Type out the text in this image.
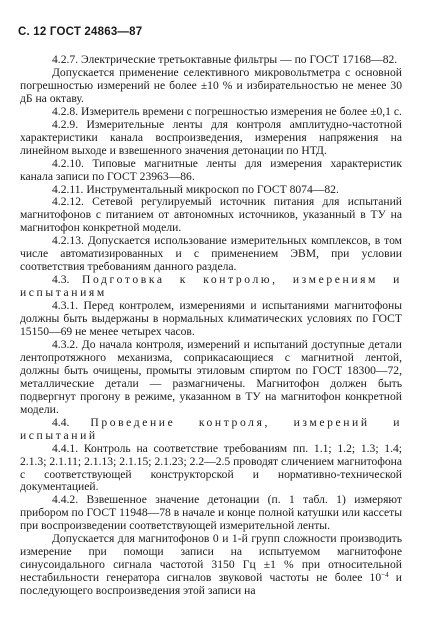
С. 12 ГОСТ 24863—87

4.2.7. Электрические третьоктавные фильтры — по ГОСТ 17168—82.

Допускается применение селективного микровольтметра с основной погрешностью измерений не более ±10 % и избирательностью не менее 30 дБ на октаву.

4.2.8. Измеритель времени с погрешностью измерения не более ±0,1 с.

4.2.9. Измерительные ленты для контроля амплитудно-частотной характеристики канала воспроизведения, измерения напряжения на линейном выходе и взвешенного значения детонации по НТД.

4.2.10. Типовые магнитные ленты для измерения характеристик канала записи по ГОСТ 23963—86.

4.2.11. Инструментальный микроскоп по ГОСТ 8074—82.

4.2.12. Сетевой регулируемый источник питания для испытаний магнитофонов с питанием от автономных источников, указанный в ТУ на магнитофон конкретной модели.

4.2.13. Допускается использование измерительных комплексов, в том числе автоматизированных и с применением ЭВМ, при условии соответствия требованиям данного раздела.

4.3. Подготовка к контролю, измерениям и испытаниям

4.3.1. Перед контролем, измерениями и испытаниями магнитофоны должны быть выдержаны в нормальных климатических условиях по ГОСТ 15150—69 не менее четырех часов.

4.3.2. До начала контроля, измерений и испытаний доступные детали лентопротяжного механизма, соприкасающиеся с магнитной лентой, должны быть очищены, промыты этиловым спиртом по ГОСТ 18300—72, металлические детали — размагничены. Магнитофон должен быть подвергнут прогону в режиме, указанном в ТУ на магнитофон конкретной модели.

4.4. Проведение контроля, измерений и испытаний

4.4.1. Контроль на соответствие требованиям пп. 1.1; 1.2; 1.3; 1.4; 2.1.3; 2.1.11; 2.1.13; 2.1.15; 2.1.23; 2.2—2.5 проводят сличением магнитофона с соответствующей конструкторской и нормативно-технической документацией.

4.4.2. Взвешенное значение детонации (п. 1 табл. 1) измеряют прибором по ГОСТ 11948—78 в начале и конце полной катушки или кассеты при воспроизведении соответствующей измерительной ленты.

Допускается для магнитофонов 0 и 1-й групп сложности производить измерение при помощи записи на испытуемом магнитофоне синусоидального сигнала частотой 3150 Гц ±1 % при относительной нестабильности генератора сигналов звуковой частоты не более $10^{-4}$ и последующего воспроизведения этой записи на
